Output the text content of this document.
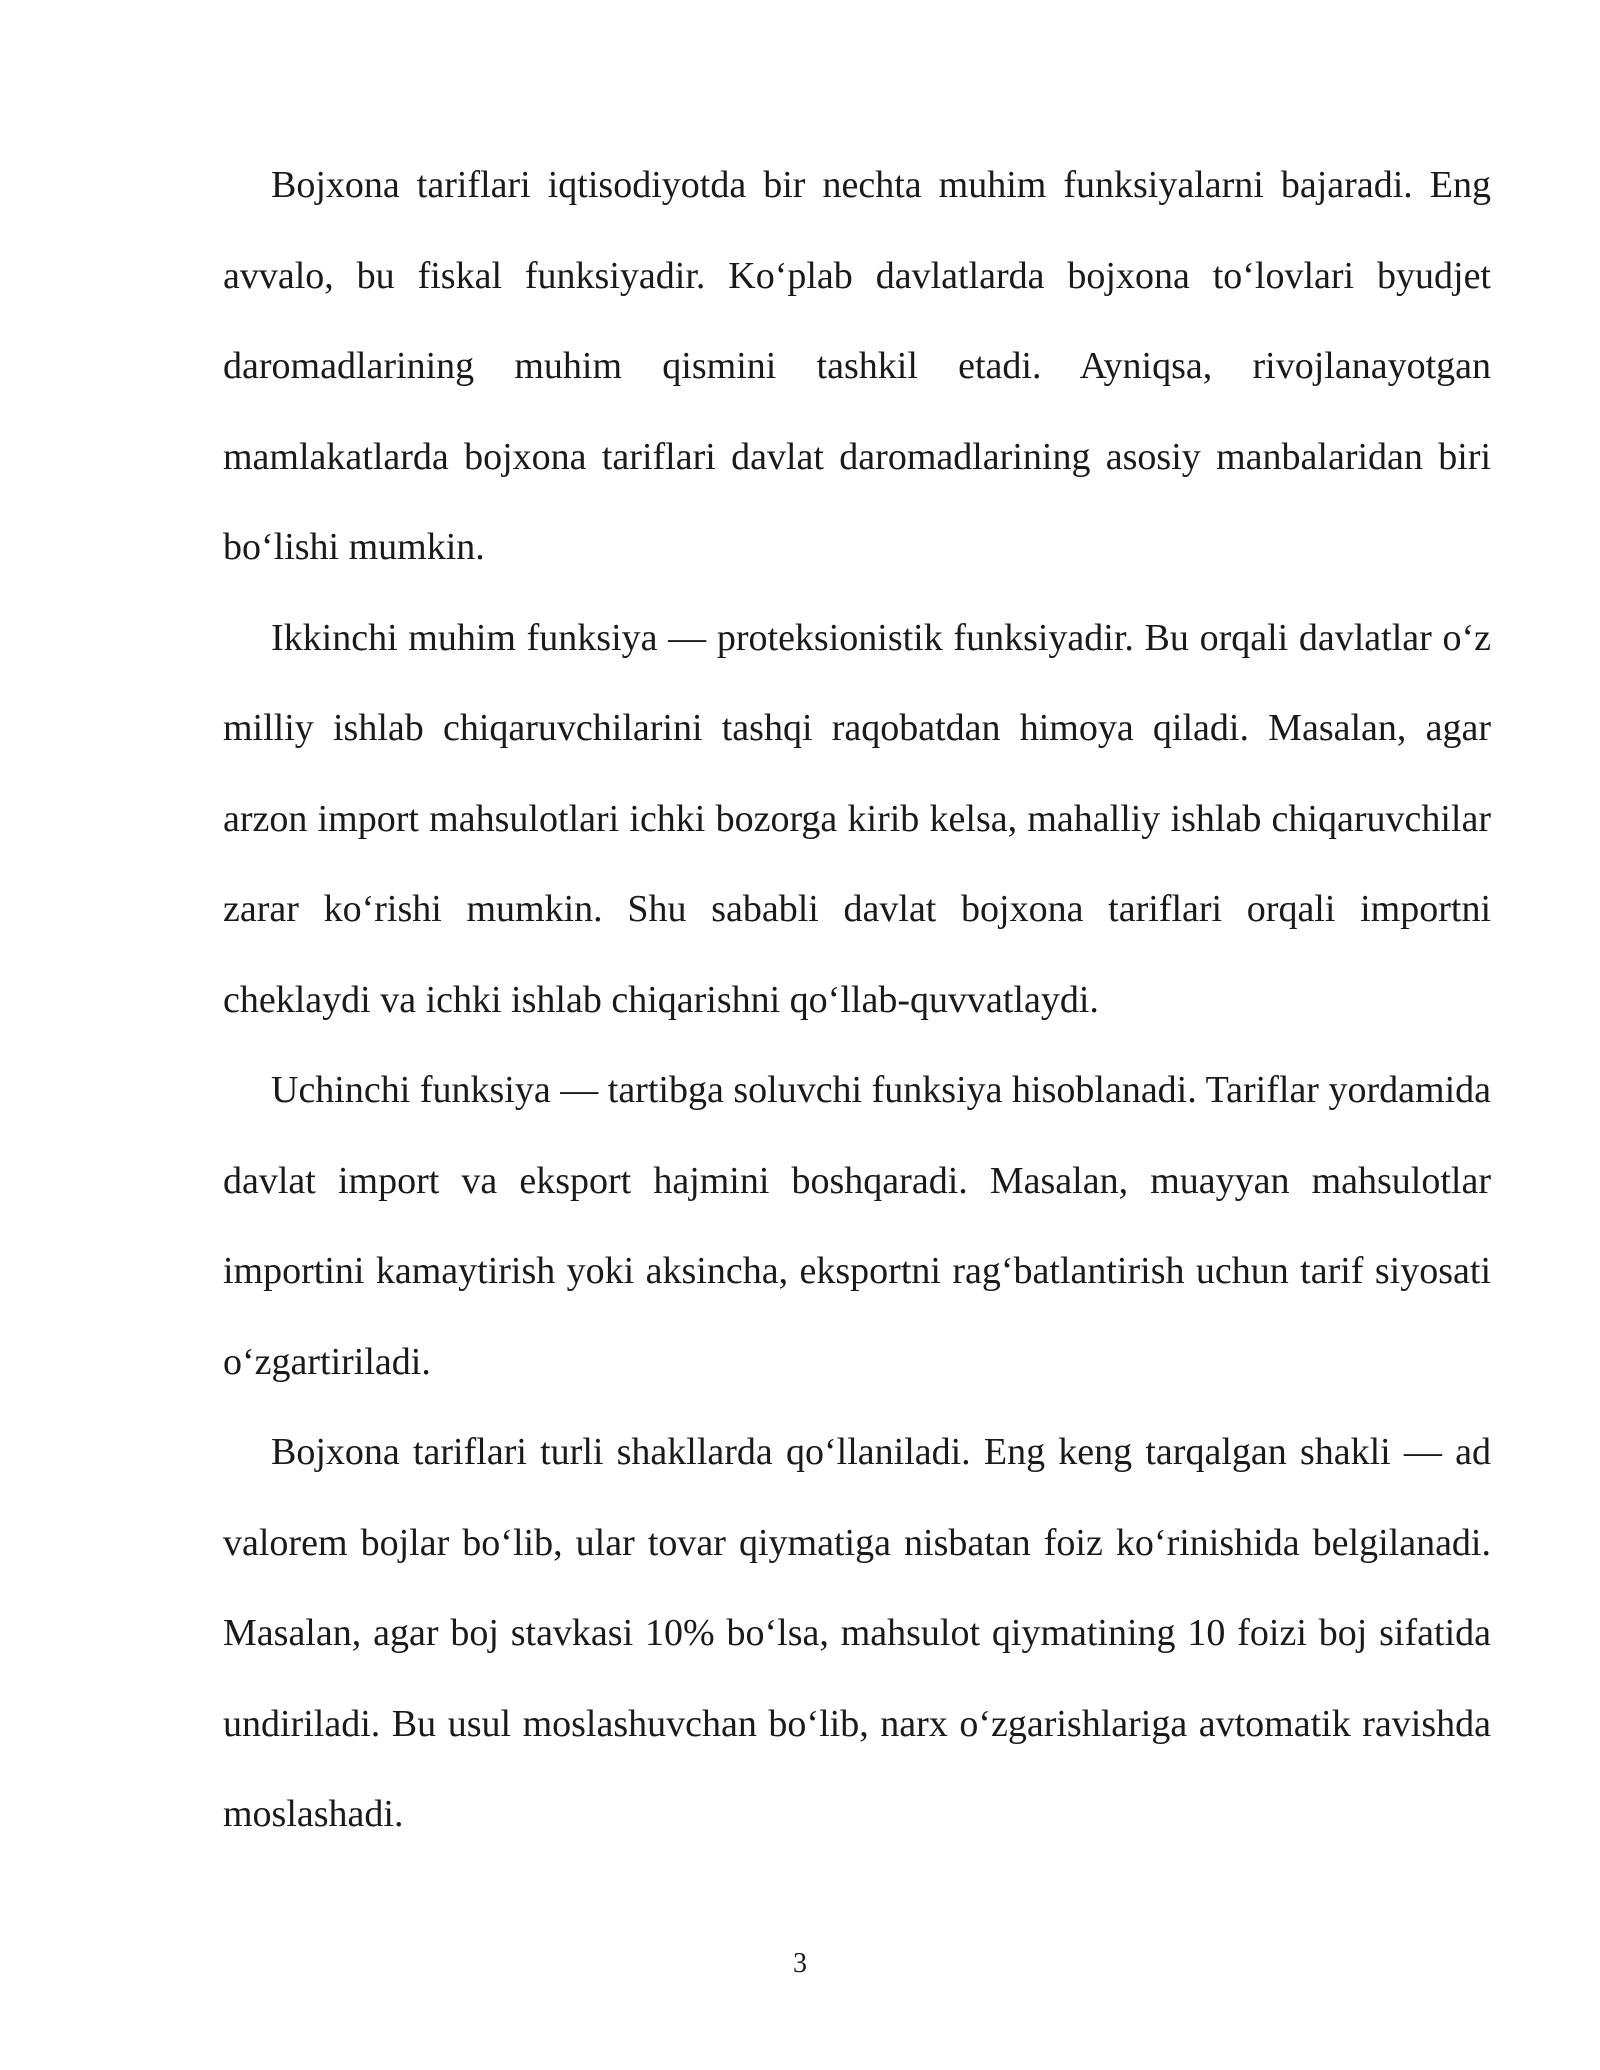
Bojxona tariflari iqtisodiyotda bir nechta muhim funksiyalarni bajaradi. Eng avvalo, bu fiskal funksiyadir. Ko‘plab davlatlarda bojxona to‘lovlari byudjet daromadlarining muhim qismini tashkil etadi. Ayniqsa, rivojlanayotgan mamlakatlarda bojxona tariflari davlat daromadlarining asosiy manbalaridan biri bo‘lishi mumkin.

Ikkinchi muhim funksiya — proteksionistik funksiyadir. Bu orqali davlatlar o‘z milliy ishlab chiqaruvchilarini tashqi raqobatdan himoya qiladi. Masalan, agar arzon import mahsulotlari ichki bozorga kirib kelsa, mahalliy ishlab chiqaruvchilar zarar ko‘rishi mumkin. Shu sababli davlat bojxona tariflari orqali importni cheklaydi va ichki ishlab chiqarishni qo‘llab-quvvatlaydi.

Uchinchi funksiya — tartibga soluvchi funksiya hisoblanadi. Tariflar yordamida davlat import va eksport hajmini boshqaradi. Masalan, muayyan mahsulotlar importini kamaytirish yoki aksincha, eksportni rag‘batlantirish uchun tarif siyosati o‘zgartiriladi.

Bojxona tariflari turli shakllarda qo‘llaniladi. Eng keng tarqalgan shakli — ad valorem bojlar bo‘lib, ular tovar qiymatiga nisbatan foiz ko‘rinishida belgilanadi. Masalan, agar boj stavkasi 10% bo‘lsa, mahsulot qiymatining 10 foizi boj sifatida undiriladi. Bu usul moslashuvchan bo‘lib, narx o‘zgarishlariga avtomatik ravishda moslashadi.

3
